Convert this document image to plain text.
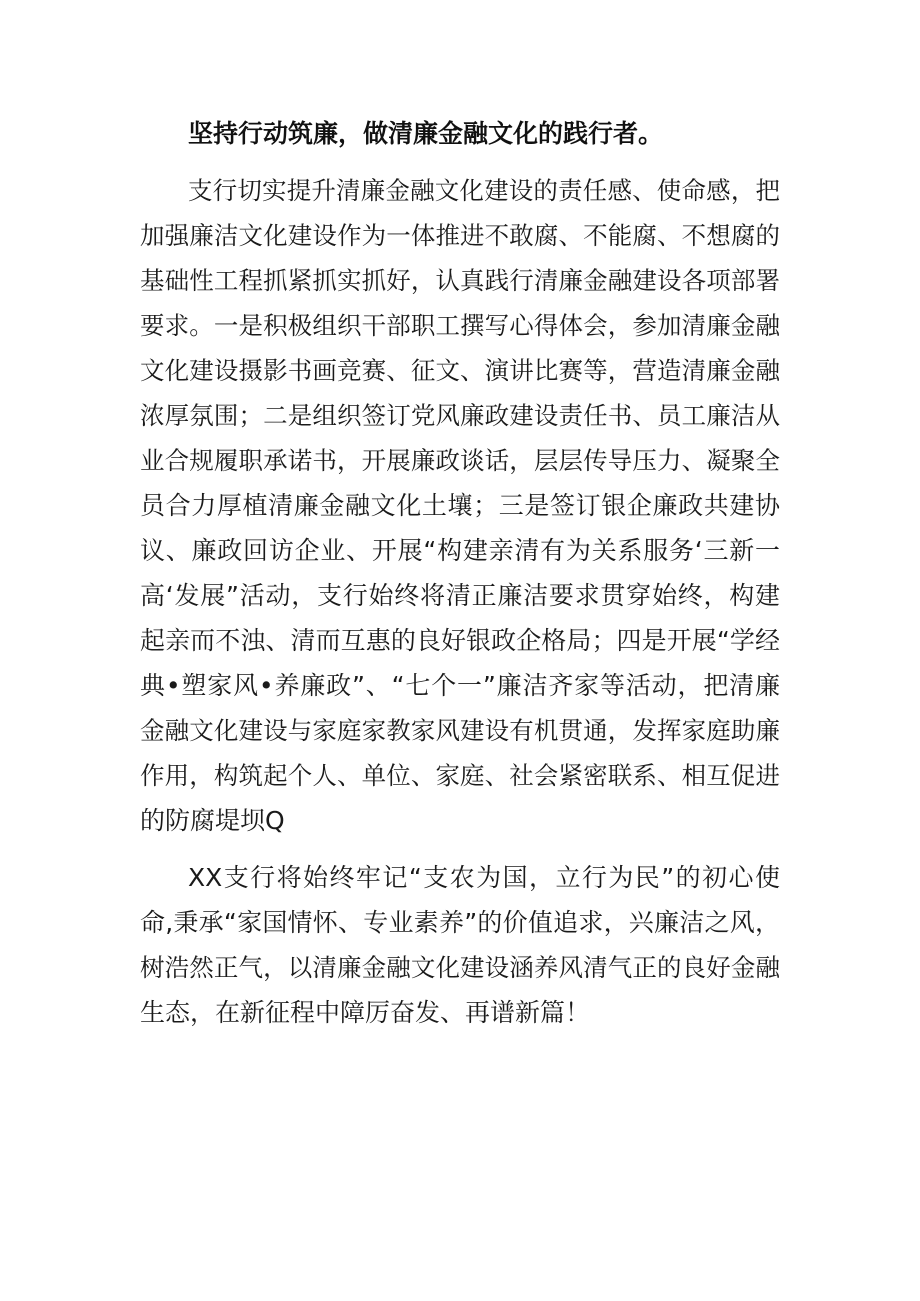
坚持行动筑廉，做清廉金融文化的践行者。
支行切实提升清廉金融文化建设的责任感、使命感，把
加强廉洁文化建设作为一体推进不敢腐、不能腐、不想腐的
基础性工程抓紧抓实抓好，认真践行清廉金融建设各项部署
要求。一是积极组织干部职工撰写心得体会，参加清廉金融
文化建设摄影书画竞赛、征文、演讲比赛等，营造清廉金融
浓厚氛围；二是组织签订党风廉政建设责任书、员工廉洁从
业合规履职承诺书，开展廉政谈话，层层传导压力、凝聚全
员合力厚植清廉金融文化土壤；三是签订银企廉政共建协
议、廉政回访企业、开展“构建亲清有为关系服务‘三新一
高‘发展”活动，支行始终将清正廉洁要求贯穿始终，构建
起亲而不浊、清而互惠的良好银政企格局；四是开展“学经
典•塑家风•养廉政”、“七个一”廉洁齐家等活动，把清廉
金融文化建设与家庭家教家风建设有机贯通，发挥家庭助廉
作用，构筑起个人、单位、家庭、社会紧密联系、相互促进
的防腐堤坝Q
XX支行将始终牢记“支农为国，立行为民”的初心使
命,秉承“家国情怀、专业素养”的价值追求，兴廉洁之风，
树浩然正气，以清廉金融文化建设涵养风清气正的良好金融
生态，在新征程中障厉奋发、再谱新篇！
